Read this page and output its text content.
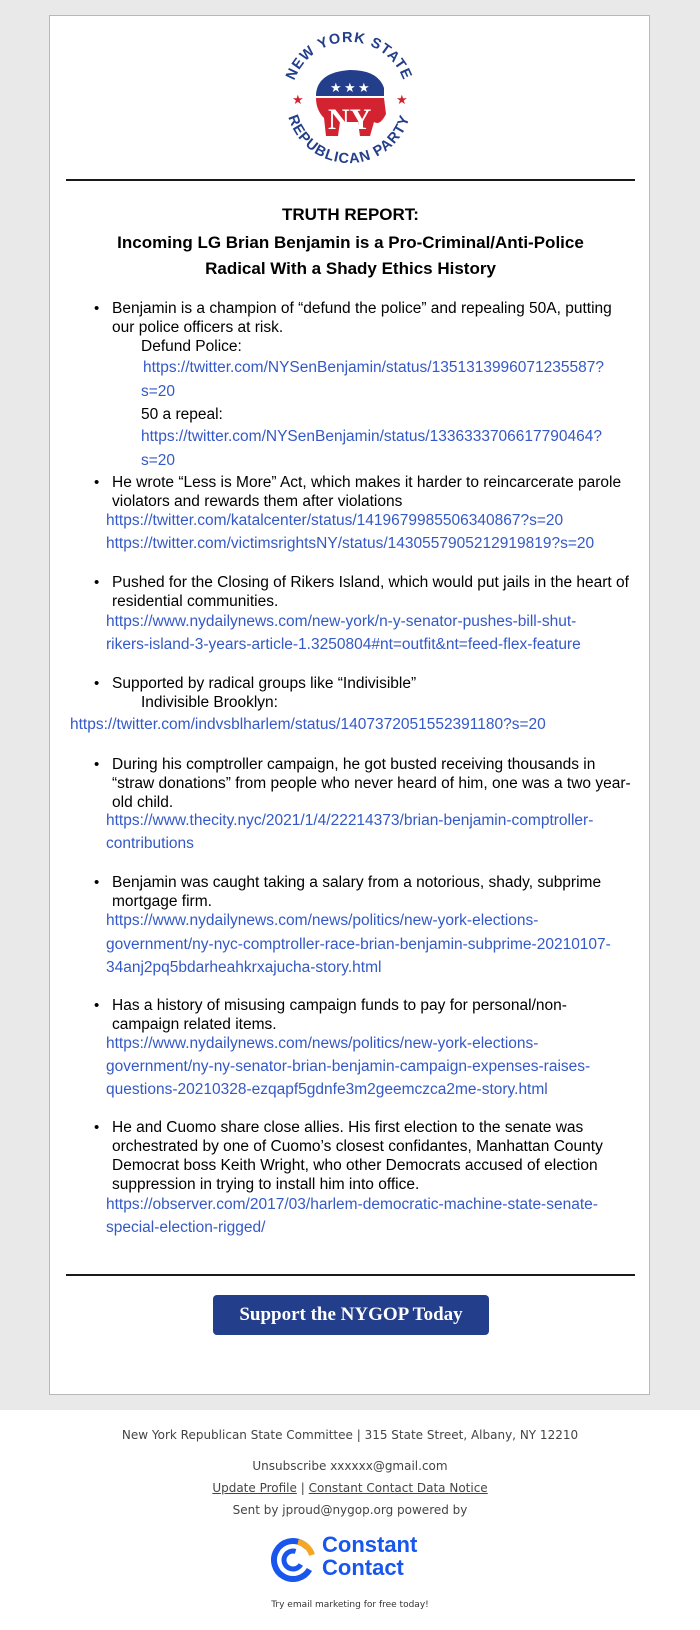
NEW YORK STATE
REPUBLICAN PARTY
★ ★ ★
NY
★	★
TRUTH REPORT:
Incoming LG Brian Benjamin is a Pro-Criminal/Anti-Police
Radical With a Shady Ethics History
• Benjamin is a champion of “defund the police” and repealing 50A, putting our police officers at risk.
Defund Police:
https://twitter.com/NYSenBenjamin/status/1351313996071235587?
s=20
50 a repeal:
https://twitter.com/NYSenBenjamin/status/1336333706617790464?
s=20
• He wrote “Less is More” Act, which makes it harder to reincarcerate parole violators and rewards them after violations
https://twitter.com/katalcenter/status/1419679985506340867?s=20
https://twitter.com/victimsrightsNY/status/1430557905212919819?s=20
• Pushed for the Closing of Rikers Island, which would put jails in the heart of residential communities.
https://www.nydailynews.com/new-york/n-y-senator-pushes-bill-shut-
rikers-island-3-years-article-1.3250804#nt=outfit&nt=feed-flex-feature
• Supported by radical groups like “Indivisible”
Indivisible Brooklyn:
https://twitter.com/indvsblharlem/status/1407372051552391180?s=20
• During his comptroller campaign, he got busted receiving thousands in “straw donations” from people who never heard of him, one was a two year-old child.
https://www.thecity.nyc/2021/1/4/22214373/brian-benjamin-comptroller-
contributions
• Benjamin was caught taking a salary from a notorious, shady, subprime mortgage firm.
https://www.nydailynews.com/news/politics/new-york-elections-
government/ny-nyc-comptroller-race-brian-benjamin-subprime-20210107-
34anj2pq5bdarheahkrxajucha-story.html
• Has a history of misusing campaign funds to pay for personal/non-campaign related items.
https://www.nydailynews.com/news/politics/new-york-elections-
government/ny-ny-senator-brian-benjamin-campaign-expenses-raises-
questions-20210328-ezqapf5gdnfe3m2geemczca2me-story.html
• He and Cuomo share close allies. His first election to the senate was orchestrated by one of Cuomo’s closest confidantes, Manhattan County Democrat boss Keith Wright, who other Democrats accused of election suppression in trying to install him into office.
https://observer.com/2017/03/harlem-democratic-machine-state-senate-
special-election-rigged/
Support the NYGOP Today
New York Republican State Committee | 315 State Street, Albany, NY 12210
Unsubscribe xxxxxx@gmail.com
Update Profile | Constant Contact Data Notice
Sent by jproud@nygop.org powered by
Constant
Contact
Try email marketing for free today!
